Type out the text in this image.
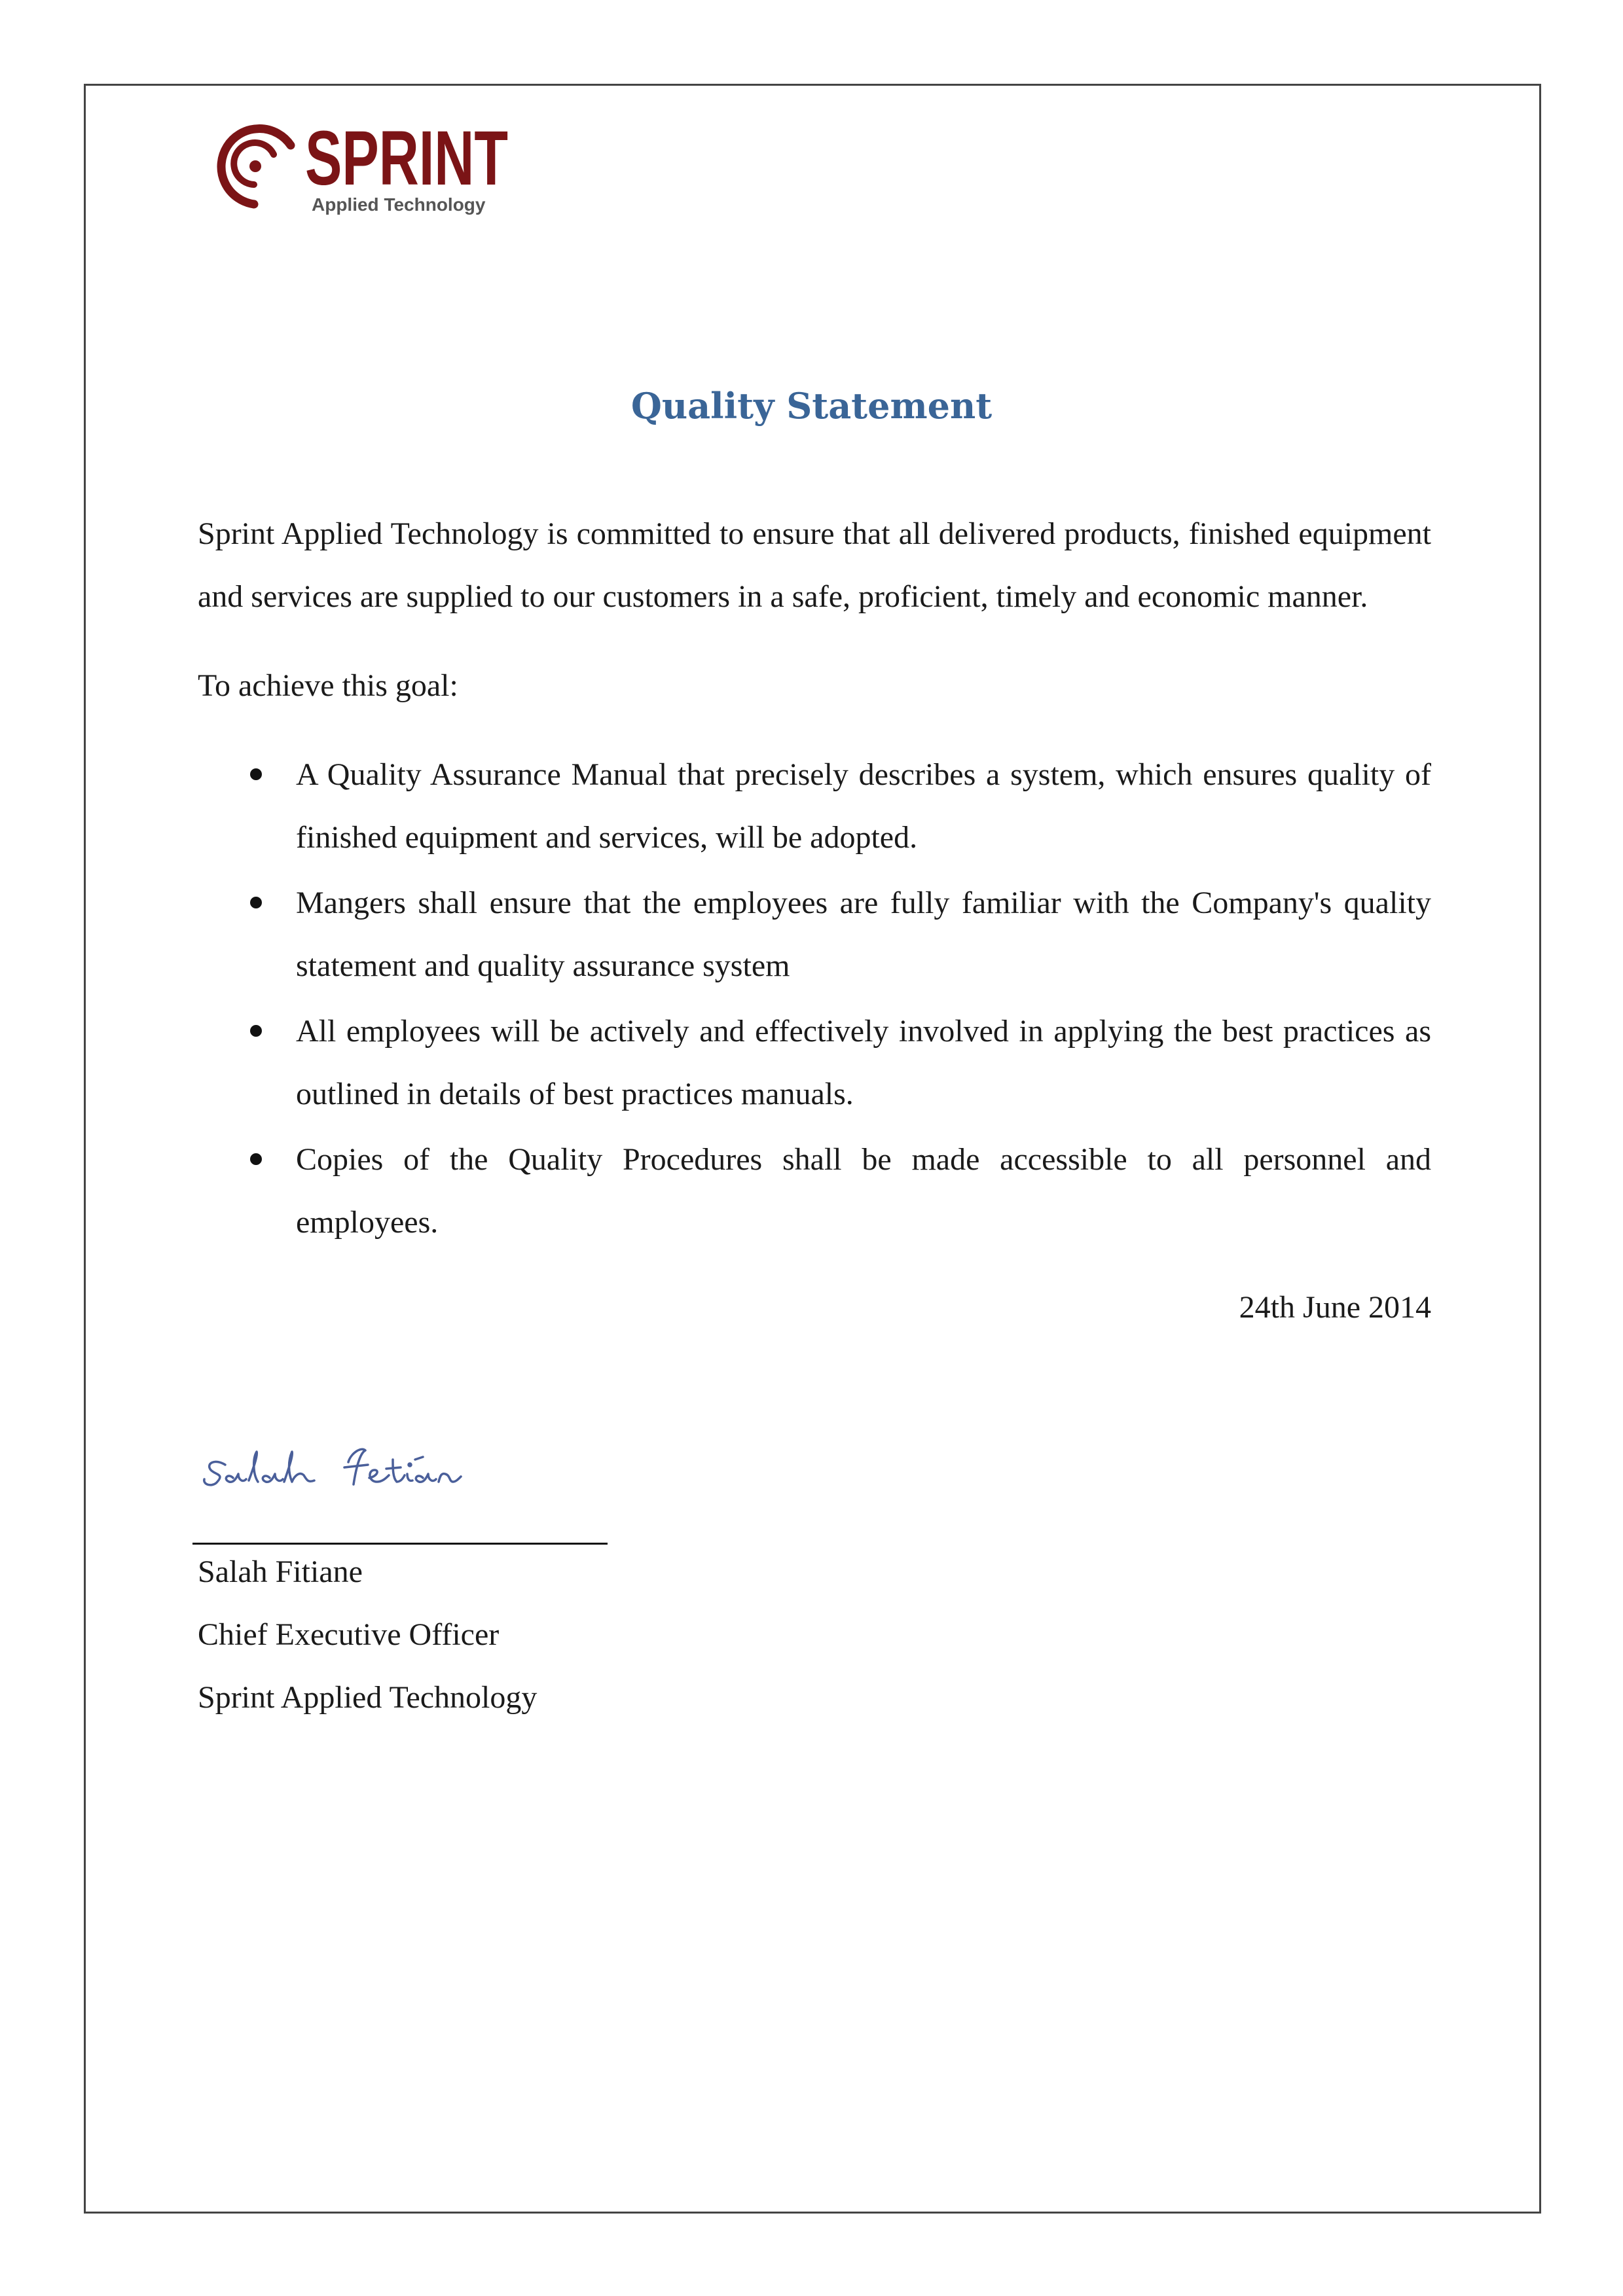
SPRINT
Applied Technology
Quality Statement

Sprint Applied Technology is committed to ensure that all delivered products, finished equipment and services are supplied to our customers in a safe, proficient, timely and economic manner.

To achieve this goal:

A Quality Assurance Manual that precisely describes a system, which ensures quality of finished equipment and services, will be adopted.
Mangers shall ensure that the employees are fully familiar with the Company's quality statement and quality assurance system
All employees will be actively and effectively involved in applying the best practices as outlined in details of best practices manuals.
Copies of the Quality Procedures shall be made accessible to all personnel and employees.
24th June 2014
Salah Fitiane
Chief Executive Officer
Sprint Applied Technology
